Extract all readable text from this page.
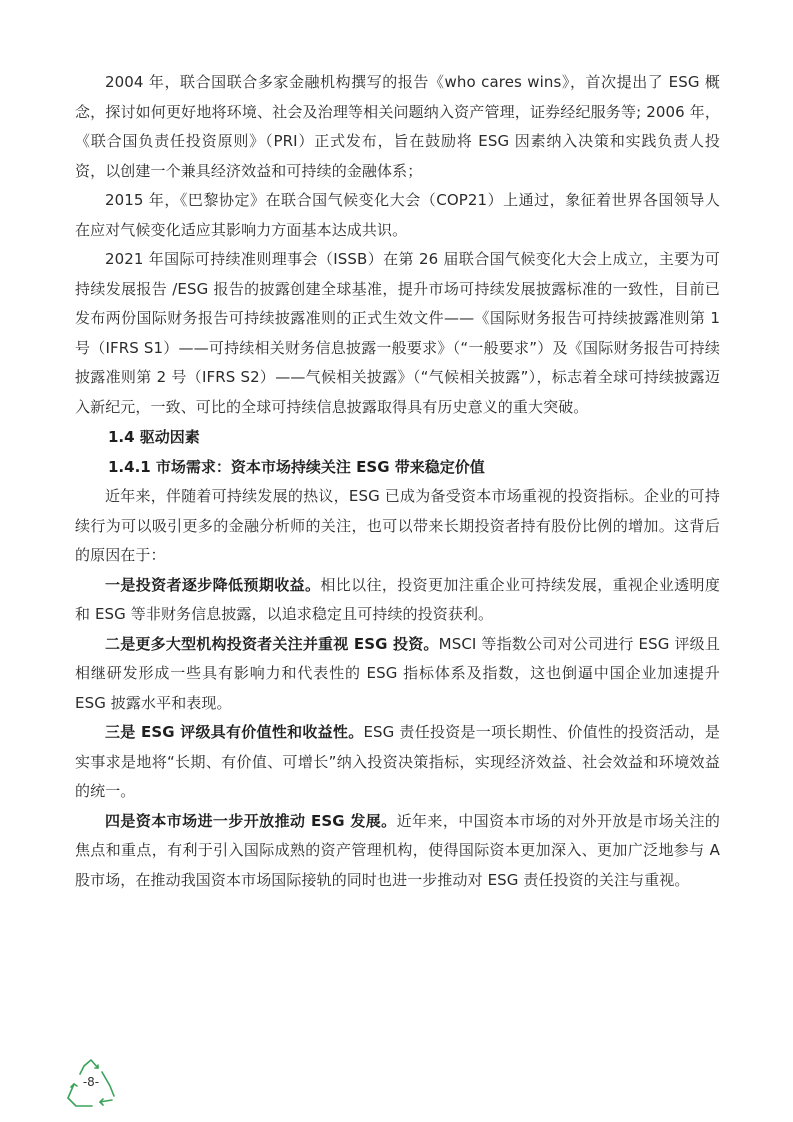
2004 年，联合国联合多家金融机构撰写的报告《who cares wins》，首次提出了 ESG 概念，探讨如何更好地将环境、社会及治理等相关问题纳入资产管理，证券经纪服务等; 2006 年，《联合国负责任投资原则》（PRI）正式发布，旨在鼓励将 ESG 因素纳入决策和实践负责人投资，以创建一个兼具经济效益和可持续的金融体系；

2015 年，《巴黎协定》在联合国气候变化大会（COP21）上通过，象征着世界各国领导人在应对气候变化适应其影响力方面基本达成共识。

2021 年国际可持续准则理事会（ISSB）在第 26 届联合国气候变化大会上成立，主要为可持续发展报告 /ESG 报告的披露创建全球基准，提升市场可持续发展披露标准的一致性，目前已发布两份国际财务报告可持续披露准则的正式生效文件——《国际财务报告可持续披露准则第 1 号（IFRS S1）——可持续相关财务信息披露一般要求》（“一般要求”）及《国际财务报告可持续披露准则第 2 号（IFRS S2）——气候相关披露》（“气候相关披露”），标志着全球可持续披露迈入新纪元，一致、可比的全球可持续信息披露取得具有历史意义的重大突破。

1.4 驱动因素
1.4.1 市场需求：资本市场持续关注 ESG 带来稳定价值

近年来，伴随着可持续发展的热议，ESG 已成为备受资本市场重视的投资指标。企业的可持续行为可以吸引更多的金融分析师的关注，也可以带来长期投资者持有股份比例的增加。这背后的原因在于：

一是投资者逐步降低预期收益。相比以往，投资更加注重企业可持续发展，重视企业透明度和 ESG 等非财务信息披露，以追求稳定且可持续的投资获利。

二是更多大型机构投资者关注并重视 ESG 投资。MSCI 等指数公司对公司进行 ESG 评级且相继研发形成一些具有影响力和代表性的 ESG 指标体系及指数，这也倒逼中国企业加速提升 ESG 披露水平和表现。

三是 ESG 评级具有价值性和收益性。ESG 责任投资是一项长期性、价值性的投资活动，是实事求是地将“长期、有价值、可增长”纳入投资决策指标，实现经济效益、社会效益和环境效益的统一。

四是资本市场进一步开放推动 ESG 发展。近年来，中国资本市场的对外开放是市场关注的焦点和重点，有利于引入国际成熟的资产管理机构，使得国际资本更加深入、更加广泛地参与 A 股市场，在推动我国资本市场国际接轨的同时也进一步推动对 ESG 责任投资的关注与重视。

-8-
